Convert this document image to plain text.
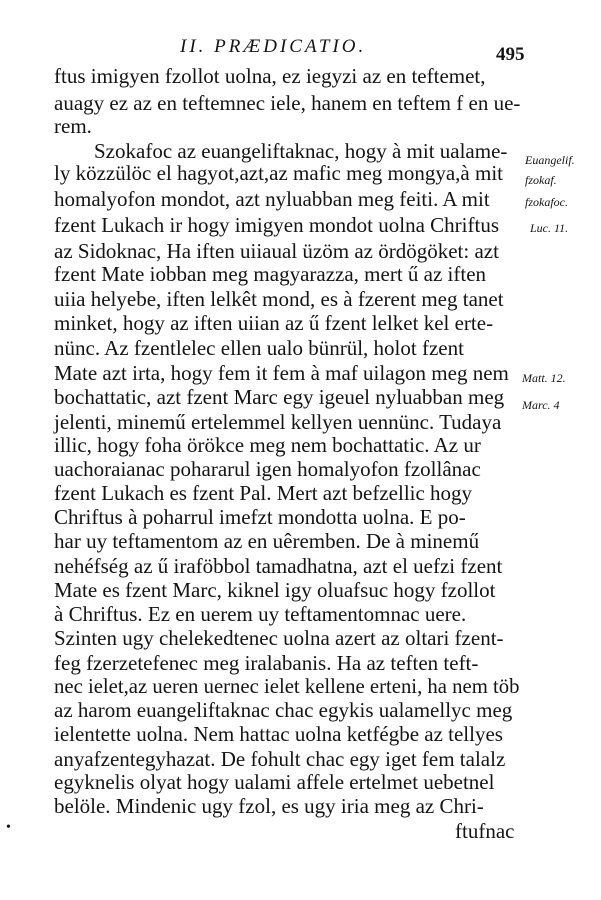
II. PRÆDICATIO.	495
ftus imigyen fzollot uolna, ez iegyzi az en teftemet,
auagy ez az en teftemnec iele, hanem en teftem f en ue-
rem.
Szokafoc az euangeliftaknac, hogy à mit ualame-
ly közzülöc el hagyot,azt,az mafic meg mongya,à mit
homalyofon mondot, azt nyluabban meg feiti. A mit
fzent Lukach ir hogy imigyen mondot uolna Chriftus
az Sidoknac, Ha iften uiiaual üzöm az ördögöket: azt
fzent Mate iobban meg magyarazza, mert ű az iften
uiia helyebe, iften lelkêt mond, es à fzerent meg tanet
minket, hogy az iften uiian az ű fzent lelket kel erte-
nünc. Az fzentlelec ellen ualo bünrül, holot fzent
Mate azt irta, hogy fem it fem à maf uilagon meg nem
bochattatic, azt fzent Marc egy igeuel nyluabban meg
jelenti, minemű ertelemmel kellyen uennünc. Tudaya
illic, hogy foha örökce meg nem bochattatic. Az ur
uachoraianac pohararul igen homalyofon fzollânac
fzent Lukach es fzent Pal. Mert azt befzellic hogy
Chriftus à poharrul imefzt mondotta uolna. E po-
har uy teftamentom az en uêremben. De à minemű
nehéfség az ű iraföbbol tamadhatna, azt el uefzi fzent
Mate es fzent Marc, kiknel igy oluafsuc hogy fzollot
à Chriftus. Ez en uerem uy teftamentomnac uere.
Szinten ugy chelekedtenec uolna azert az oltari fzent-
feg fzerzetefenec meg iralabanis. Ha az teften teft-
nec ielet,az ueren uernec ielet kellene erteni, ha nem töb
az harom euangeliftaknac chac egykis ualamellyc meg
ielentette uolna. Nem hattac uolna ketfégbe az tellyes
anyafzentegyhazat. De fohult chac egy iget fem talalz
egyknelis olyat hogy ualami affele ertelmet uebetnel
belöle. Mindenic ugy fzol, es ugy iria meg az Chri-
ftufnac
Euangelif.
fzokaf.
fzokafoc.
Luc. 11.
Matt. 12.
Marc. 4
•
